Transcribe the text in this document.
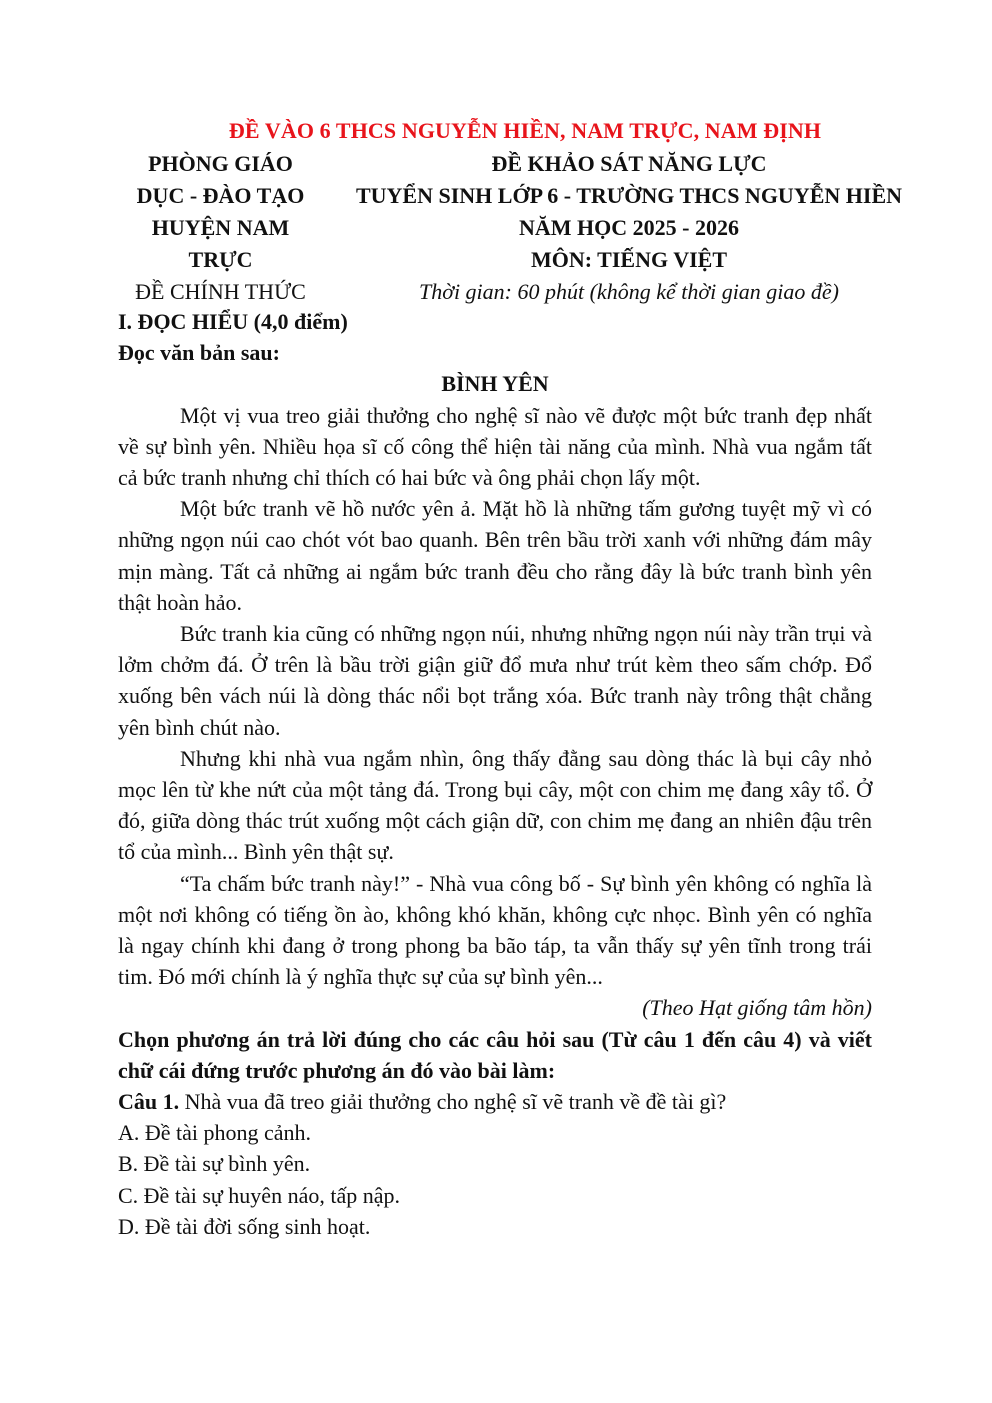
ĐỀ VÀO 6 THCS NGUYỄN HIỀN, NAM TRỰC, NAM ĐỊNH
PHÒNG GIÁO
DỤC - ĐÀO TẠO
HUYỆN NAM
TRỰC
ĐỀ CHÍNH THỨC
ĐỀ KHẢO SÁT NĂNG LỰC
TUYỂN SINH LỚP 6 - TRƯỜNG THCS NGUYỄN HIỀN
NĂM HỌC 2025 - 2026
MÔN: TIẾNG VIỆT
Thời gian: 60 phút (không kể thời gian giao đề)

I. ĐỌC HIỂU (4,0 điểm)

Đọc văn bản sau:

BÌNH YÊN

Một vị vua treo giải thưởng cho nghệ sĩ nào vẽ được một bức tranh đẹp nhất về sự bình yên. Nhiều họa sĩ cố công thể hiện tài năng của mình. Nhà vua ngắm tất cả bức tranh nhưng chỉ thích có hai bức và ông phải chọn lấy một.

Một bức tranh vẽ hồ nước yên ả. Mặt hồ là những tấm gương tuyệt mỹ vì có những ngọn núi cao chót vót bao quanh. Bên trên bầu trời xanh với những đám mây mịn màng. Tất cả những ai ngắm bức tranh đều cho rằng đây là bức tranh bình yên thật hoàn hảo.

Bức tranh kia cũng có những ngọn núi, nhưng những ngọn núi này trần trụi và lởm chởm đá. Ở trên là bầu trời giận giữ đổ mưa như trút kèm theo sấm chớp. Đổ xuống bên vách núi là dòng thác nổi bọt trắng xóa. Bức tranh này trông thật chẳng yên bình chút nào.

Nhưng khi nhà vua ngắm nhìn, ông thấy đằng sau dòng thác là bụi cây nhỏ mọc lên từ khe nứt của một tảng đá. Trong bụi cây, một con chim mẹ đang xây tổ. Ở đó, giữa dòng thác trút xuống một cách giận dữ, con chim mẹ đang an nhiên đậu trên tổ của mình... Bình yên thật sự.

“Ta chấm bức tranh này!” - Nhà vua công bố - Sự bình yên không có nghĩa là một nơi không có tiếng ồn ào, không khó khăn, không cực nhọc. Bình yên có nghĩa là ngay chính khi đang ở trong phong ba bão táp, ta vẫn thấy sự yên tĩnh trong trái tim. Đó mới chính là ý nghĩa thực sự của sự bình yên...

(Theo Hạt giống tâm hồn)

Chọn phương án trả lời đúng cho các câu hỏi sau (Từ câu 1 đến câu 4) và viết chữ cái đứng trước phương án đó vào bài làm:

Câu 1. Nhà vua đã treo giải thưởng cho nghệ sĩ vẽ tranh về đề tài gì?

A. Đề tài phong cảnh.

B. Đề tài sự bình yên.

C. Đề tài sự huyên náo, tấp nập.

D. Đề tài đời sống sinh hoạt.
